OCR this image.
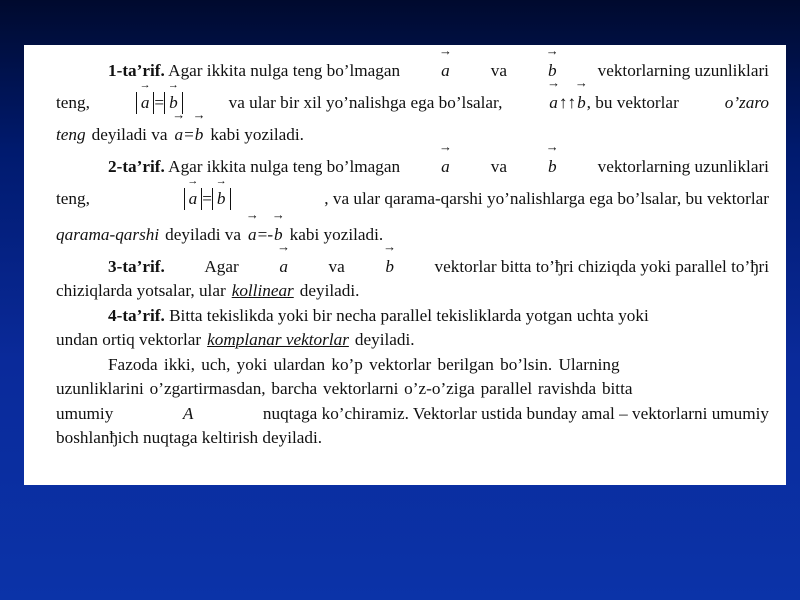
1-ta’rif. Agar ikkita nulga teng bo’lmagan → a va → b vektorlarning uzunliklari
teng,	→ a = → b	va ular bir xil yo’nalishga ega bo’lsalar,	→ a↑↑→ b, bu vektorlar	o’zaro
teng deyiladi va → a=→ b kabi yoziladi.
2-ta’rif. Agar ikkita nulga teng bo’lmagan → a va → b vektorlarning uzunliklari
teng,	→ a = → b	, va ular qarama-qarshi yo’nalishlarga ega bo’lsalar, bu vektorlar
qarama-qarshi deyiladi va → a=-→ b kabi yoziladi.
3-ta’rif. Agar → a va → b vektorlar bitta to’ђri chiziqda yoki parallel to’ђri
chiziqlarda yotsalar, ular kollinear deyiladi.
4-ta’rif. Bitta tekislikda yoki bir necha parallel tekisliklarda yotgan uchta yoki
undan ortiq vektorlar komplanar vektorlar deyiladi.
Fazoda ikki, uch, yoki ulardan ko’p vektorlar berilgan bo’lsin. Ularning
uzunliklarini o’zgartirmasdan, barcha vektorlarni o’z-o’ziga parallel ravishda bitta
umumiy	A	nuqtaga ko’chiramiz. Vektorlar ustida bunday amal – vektorlarni umumiy
boshlanђich nuqtaga keltirish deyiladi.
